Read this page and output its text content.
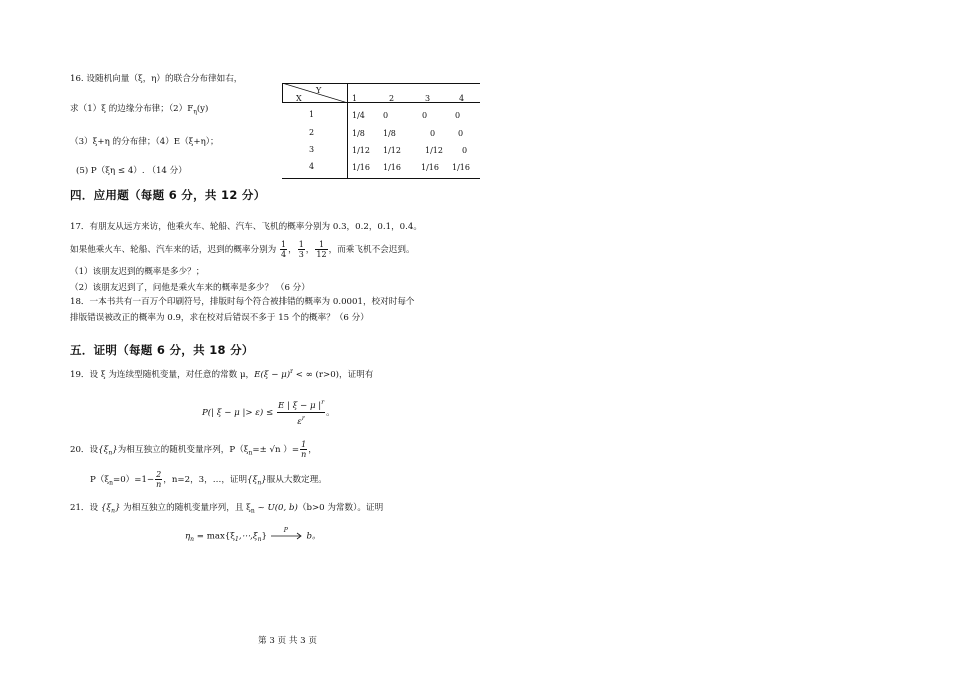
16. 设随机向量（ξ，η）的联合分布律如右，
求（1）ξ 的边缘分布律；$(2)F_\eta(y)$
（3）ξ+η 的分布律；（4）E（ξ+η）；
(5) P（ξη ≤ 4）. （14 分）
Y
X	1	2	3	4
1	1/4 0	0	0
2	1/8 1/8	0	0
3	1/12 1/12	1/12 0
4	1/16 1/16	1/16 1/16
四．应用题（每题 6 分，共 12 分）
17．有朋友从远方来访，他乘火车、轮船、汽车、飞机的概率分别为 0.3，0.2，0.1，0.4。
如果他乘火车、轮船、汽车来的话，迟到的概率分别为 $\frac{1}{4}$ ， $\frac{1}{3}$ ， $\frac{1}{12}$ ，而乘飞机不会迟到。
（1）该朋友迟到的概率是多少？；
（2）该朋友迟到了，问他是乘火车来的概率是多少？ （6 分）
18．一本书共有一百万个印刷符号，排版时每个符合被排错的概率为 0.0001，校对时每个
排版错误被改正的概率为 0.9，求在校对后错误不多于 15 个的概率？（6 分）
五．证明（每题 6 分，共 18 分）
19．设 ξ 为连续型随机变量，对任意的常数 μ，$E(\xi - \mu)^r$ < ∞ (r>0)，证明有
P(| ξ − μ |> $\varepsilon) \le \frac{E | \xi - \mu |^r}{\varepsilon^r}$ 。
20．设$\{\xi_n\}$为相互独立的随机变量序列，$P(\xi_n=\pm √n$ ）= $\frac{1}{n}$ ，
$P(\xi_n=0)=1- \frac{2}{n}$ ，n=2，3，…，证明$\{\xi_n\}$服从大数定理。
21．设 $\{\xi_n\}$ 为相互独立的随机变量序列，且 $\xi_n$ ~ U(0, b)（b>0 为常数）。证明
$\eta_n$ = $\max\{\xi_1,\cdots,\xi_n\}$
P
b。
第 3 页 共 3 页
